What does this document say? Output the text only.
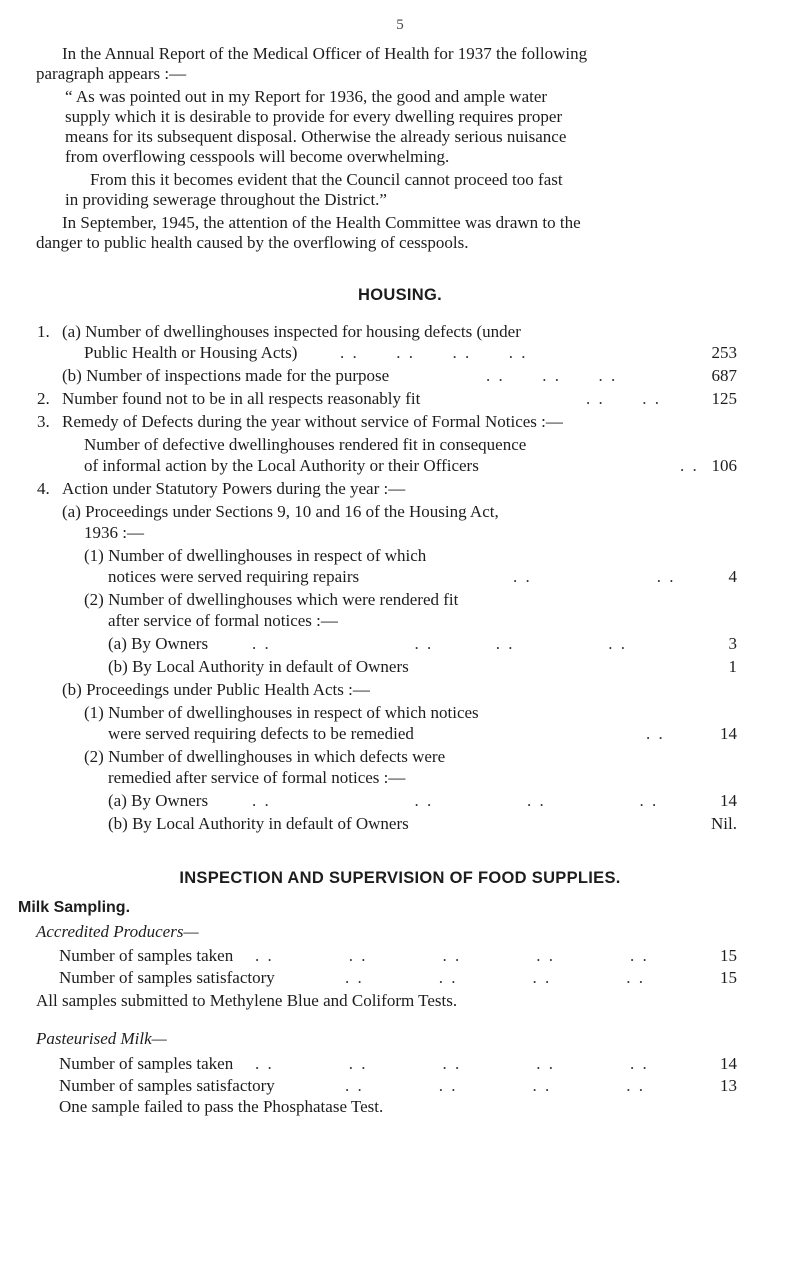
5
In the Annual Report of the Medical Officer of Health for 1937 the following
paragraph appears :—
“ As was pointed out in my Report for 1936, the good and ample water
supply which it is desirable to provide for every dwelling requires proper
means for its subsequent disposal. Otherwise the already serious nuisance
from overflowing cesspools will become overwhelming.
From this it becomes evident that the Council cannot proceed too fast
in providing sewerage throughout the District.”
In September, 1945, the attention of the Health Committee was drawn to the
danger to public health caused by the overflowing of cesspools.
HOUSING.
1. (a) Number of dwellinghouses inspected for housing defects (under
Public Health or Housing Acts)	. .      . .      . .      . .	253
(b) Number of inspections made for the purpose	. .      . .      . .	687
2. Number found not to be in all respects reasonably fit	. .      . .	125
3. Remedy of Defects during the year without service of Formal Notices :—
Number of defective dwellinghouses rendered fit in consequence
of informal action by the Local Authority or their Officers	. . 106
4. Action under Statutory Powers during the year :—
(a) Proceedings under Sections 9, 10 and 16 of the Housing Act,
1936 :—
(1) Number of dwellinghouses in respect of which
notices were served requiring repairs	. .                    . .	4
(2) Number of dwellinghouses which were rendered fit
after service of formal notices :—
(a) By Owners	. .                       . .          . .               . .	3
(b) By Local Authority in default of Owners	1
(b) Proceedings under Public Health Acts :—
(1) Number of dwellinghouses in respect of which notices
were served requiring defects to be remedied	. .	14
(2) Number of dwellinghouses in which defects were
remedied after service of formal notices :—
(a) By Owners	. .                       . .               . .               . .	14
(b) By Local Authority in default of Owners	Nil.
INSPECTION AND SUPERVISION OF FOOD SUPPLIES.
Milk Sampling.
Accredited Producers—
Number of samples taken . .            . .            . .            . .            . .	15
Number of samples satisfactory	. .            . .            . .            . .	15
All samples submitted to Methylene Blue and Coliform Tests.
Pasteurised Milk—
Number of samples taken . .            . .            . .            . .            . .	14
Number of samples satisfactory	. .            . .            . .            . .	13
One sample failed to pass the Phosphatase Test.
